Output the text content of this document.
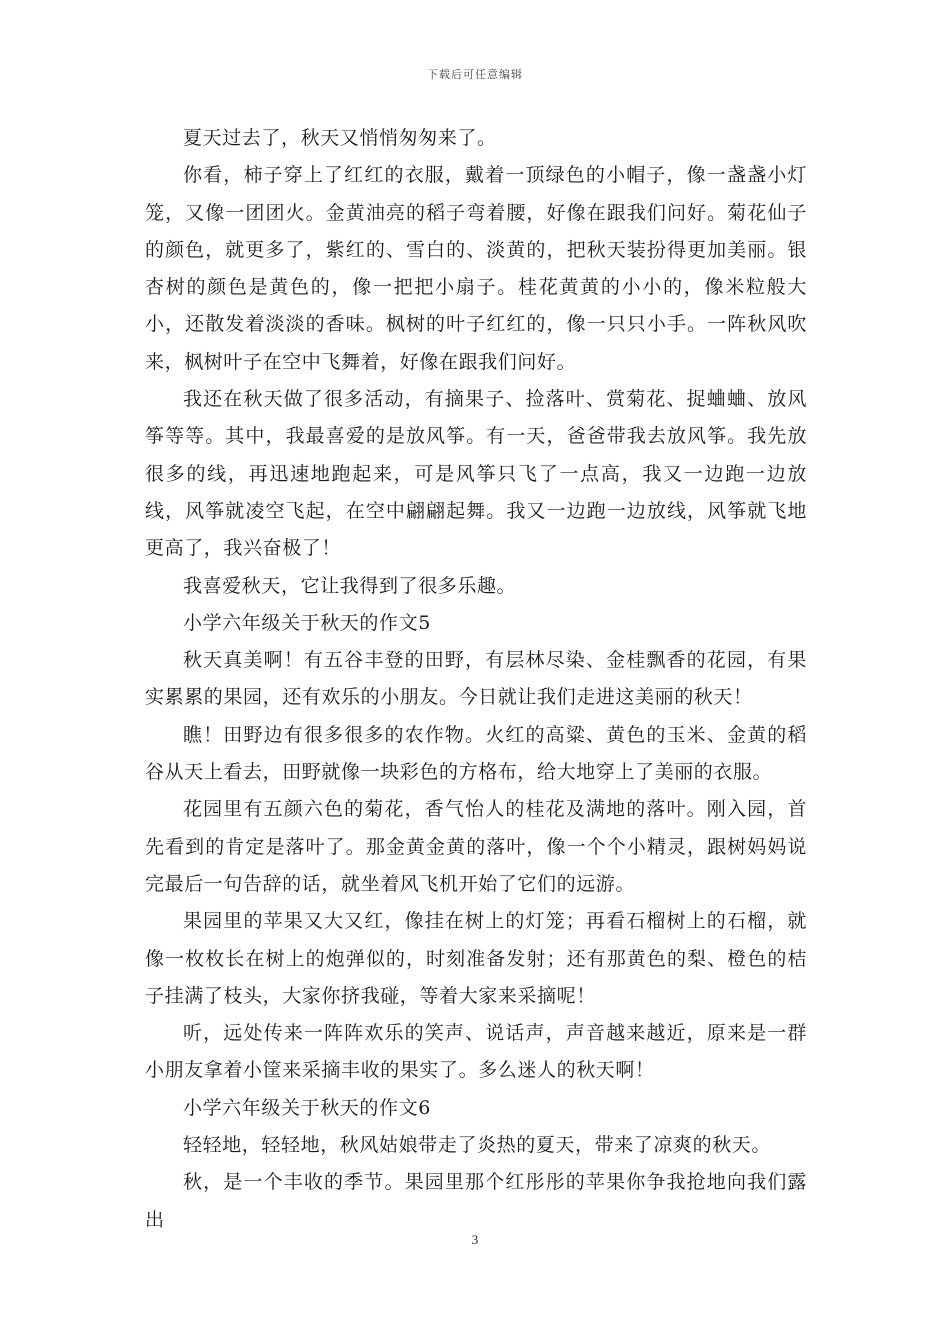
下载后可任意编辑

夏天过去了，秋天又悄悄匆匆来了。

你看，柿子穿上了红红的衣服，戴着一顶绿色的小帽子，像一盏盏小灯笼，又像一团团火。金黄油亮的稻子弯着腰，好像在跟我们问好。菊花仙子的颜色，就更多了，紫红的、雪白的、淡黄的，把秋天装扮得更加美丽。银杏树的颜色是黄色的，像一把把小扇子。桂花黄黄的小小的，像米粒般大小，还散发着淡淡的香味。枫树的叶子红红的，像一只只小手。一阵秋风吹来，枫树叶子在空中飞舞着，好像在跟我们问好。

我还在秋天做了很多活动，有摘果子、捡落叶、赏菊花、捉蛐蛐、放风筝等等。其中，我最喜爱的是放风筝。有一天，爸爸带我去放风筝。我先放很多的线，再迅速地跑起来，可是风筝只飞了一点高，我又一边跑一边放线，风筝就凌空飞起，在空中翩翩起舞。我又一边跑一边放线，风筝就飞地更高了，我兴奋极了！

我喜爱秋天，它让我得到了很多乐趣。

小学六年级关于秋天的作文5

秋天真美啊！有五谷丰登的田野，有层林尽染、金桂飘香的花园，有果实累累的果园，还有欢乐的小朋友。今日就让我们走进这美丽的秋天！

瞧！田野边有很多很多的农作物。火红的高粱、黄色的玉米、金黄的稻谷从天上看去，田野就像一块彩色的方格布，给大地穿上了美丽的衣服。

花园里有五颜六色的菊花，香气怡人的桂花及满地的落叶。刚入园，首先看到的肯定是落叶了。那金黄金黄的落叶，像一个个小精灵，跟树妈妈说完最后一句告辞的话，就坐着风飞机开始了它们的远游。

果园里的苹果又大又红，像挂在树上的灯笼；再看石榴树上的石榴，就像一枚枚长在树上的炮弹似的，时刻准备发射；还有那黄色的梨、橙色的桔子挂满了枝头，大家你挤我碰，等着大家来采摘呢！

听，远处传来一阵阵欢乐的笑声、说话声，声音越来越近，原来是一群小朋友拿着小筐来采摘丰收的果实了。多么迷人的秋天啊！

小学六年级关于秋天的作文6

轻轻地，轻轻地，秋风姑娘带走了炎热的夏天，带来了凉爽的秋天。

秋，是一个丰收的季节。果园里那个红彤彤的苹果你争我抢地向我们露出

3
